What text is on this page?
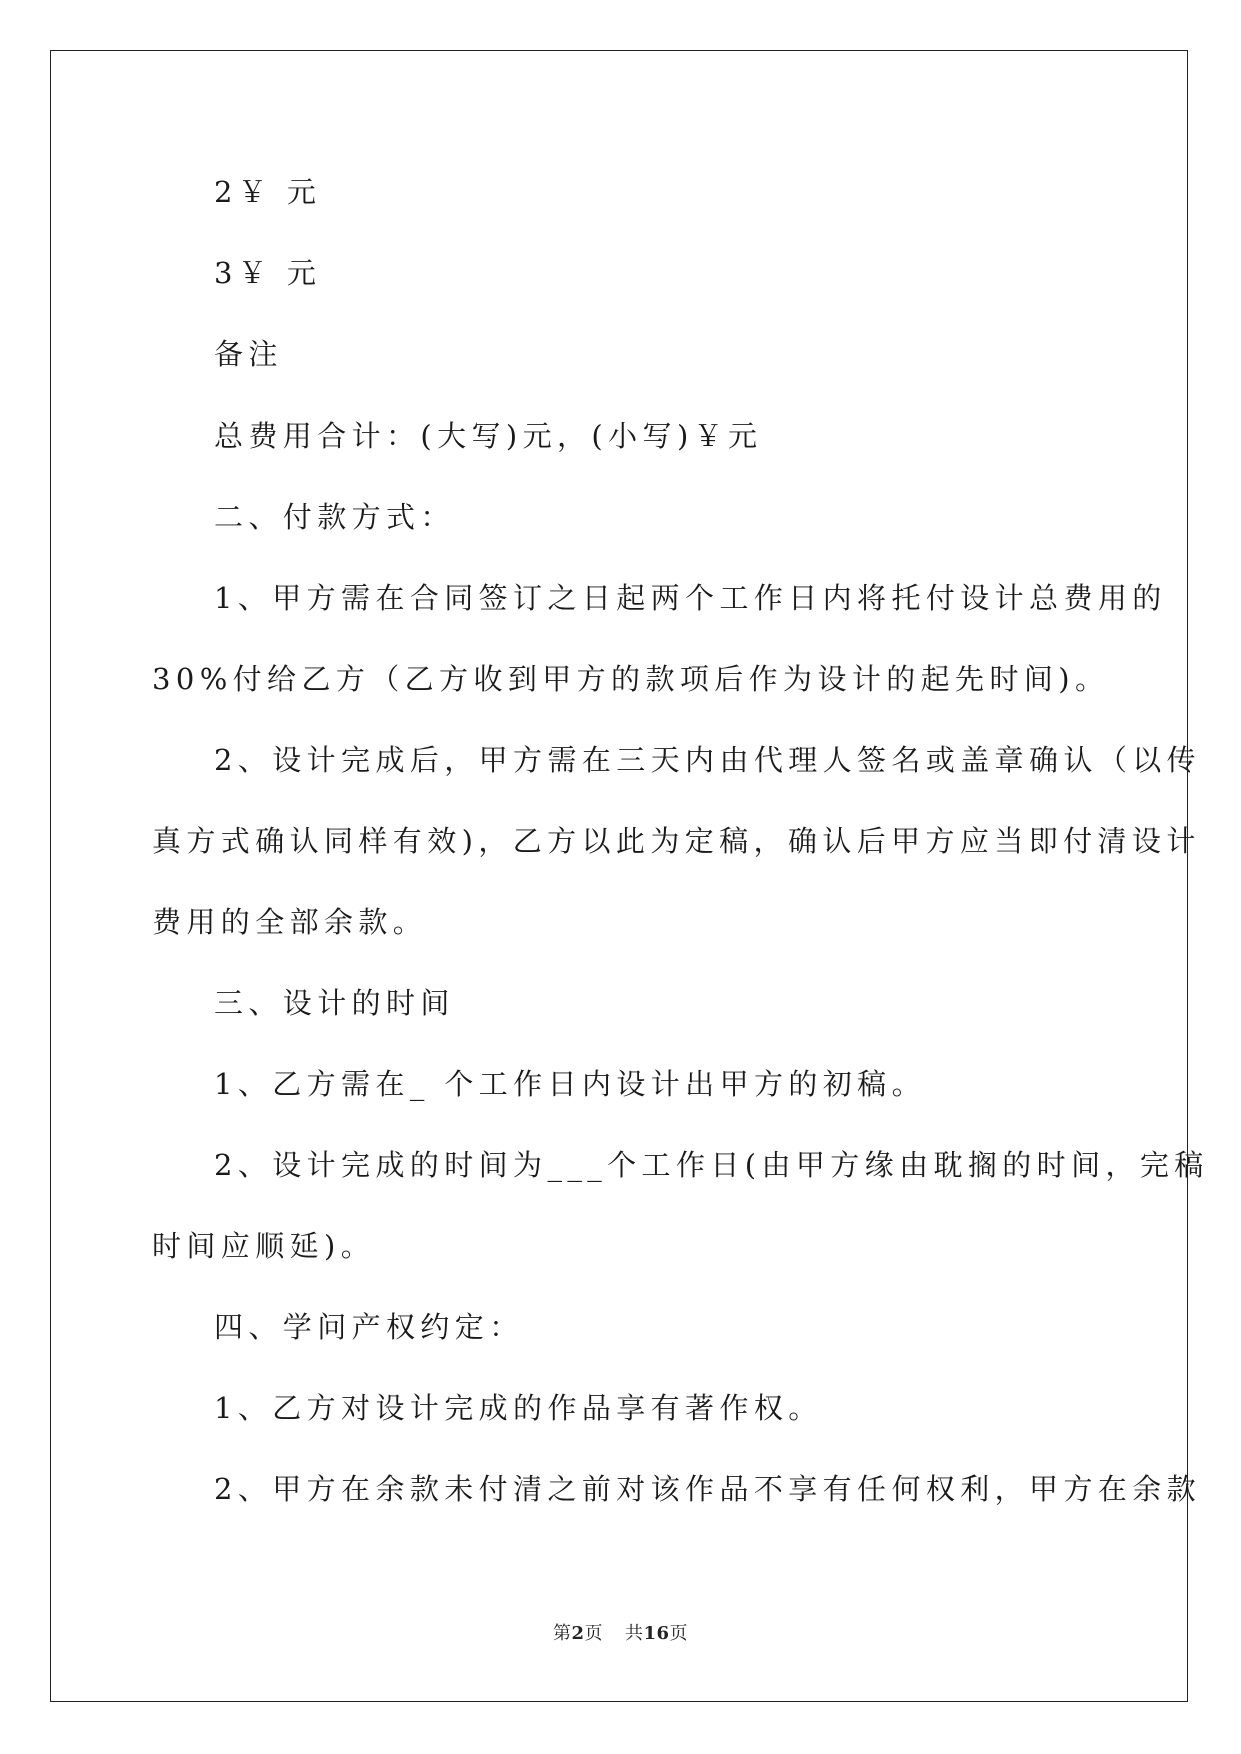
2￥ 元
3￥ 元
备注
总费用合计：(大写)元，(小写)￥元
二、付款方式：
1、甲方需在合同签订之日起两个工作日内将托付设计总费用的
30%付给乙方（乙方收到甲方的款项后作为设计的起先时间)。
2、设计完成后，甲方需在三天内由代理人签名或盖章确认（以传
真方式确认同样有效)，乙方以此为定稿，确认后甲方应当即付清设计
费用的全部余款。
三、设计的时间
1、乙方需在_ 个工作日内设计出甲方的初稿。
2、设计完成的时间为___个工作日(由甲方缘由耽搁的时间，完稿
时间应顺延)。
四、学问产权约定：
1、乙方对设计完成的作品享有著作权。
2、甲方在余款未付清之前对该作品不享有任何权利，甲方在余款
第2页 共16页
